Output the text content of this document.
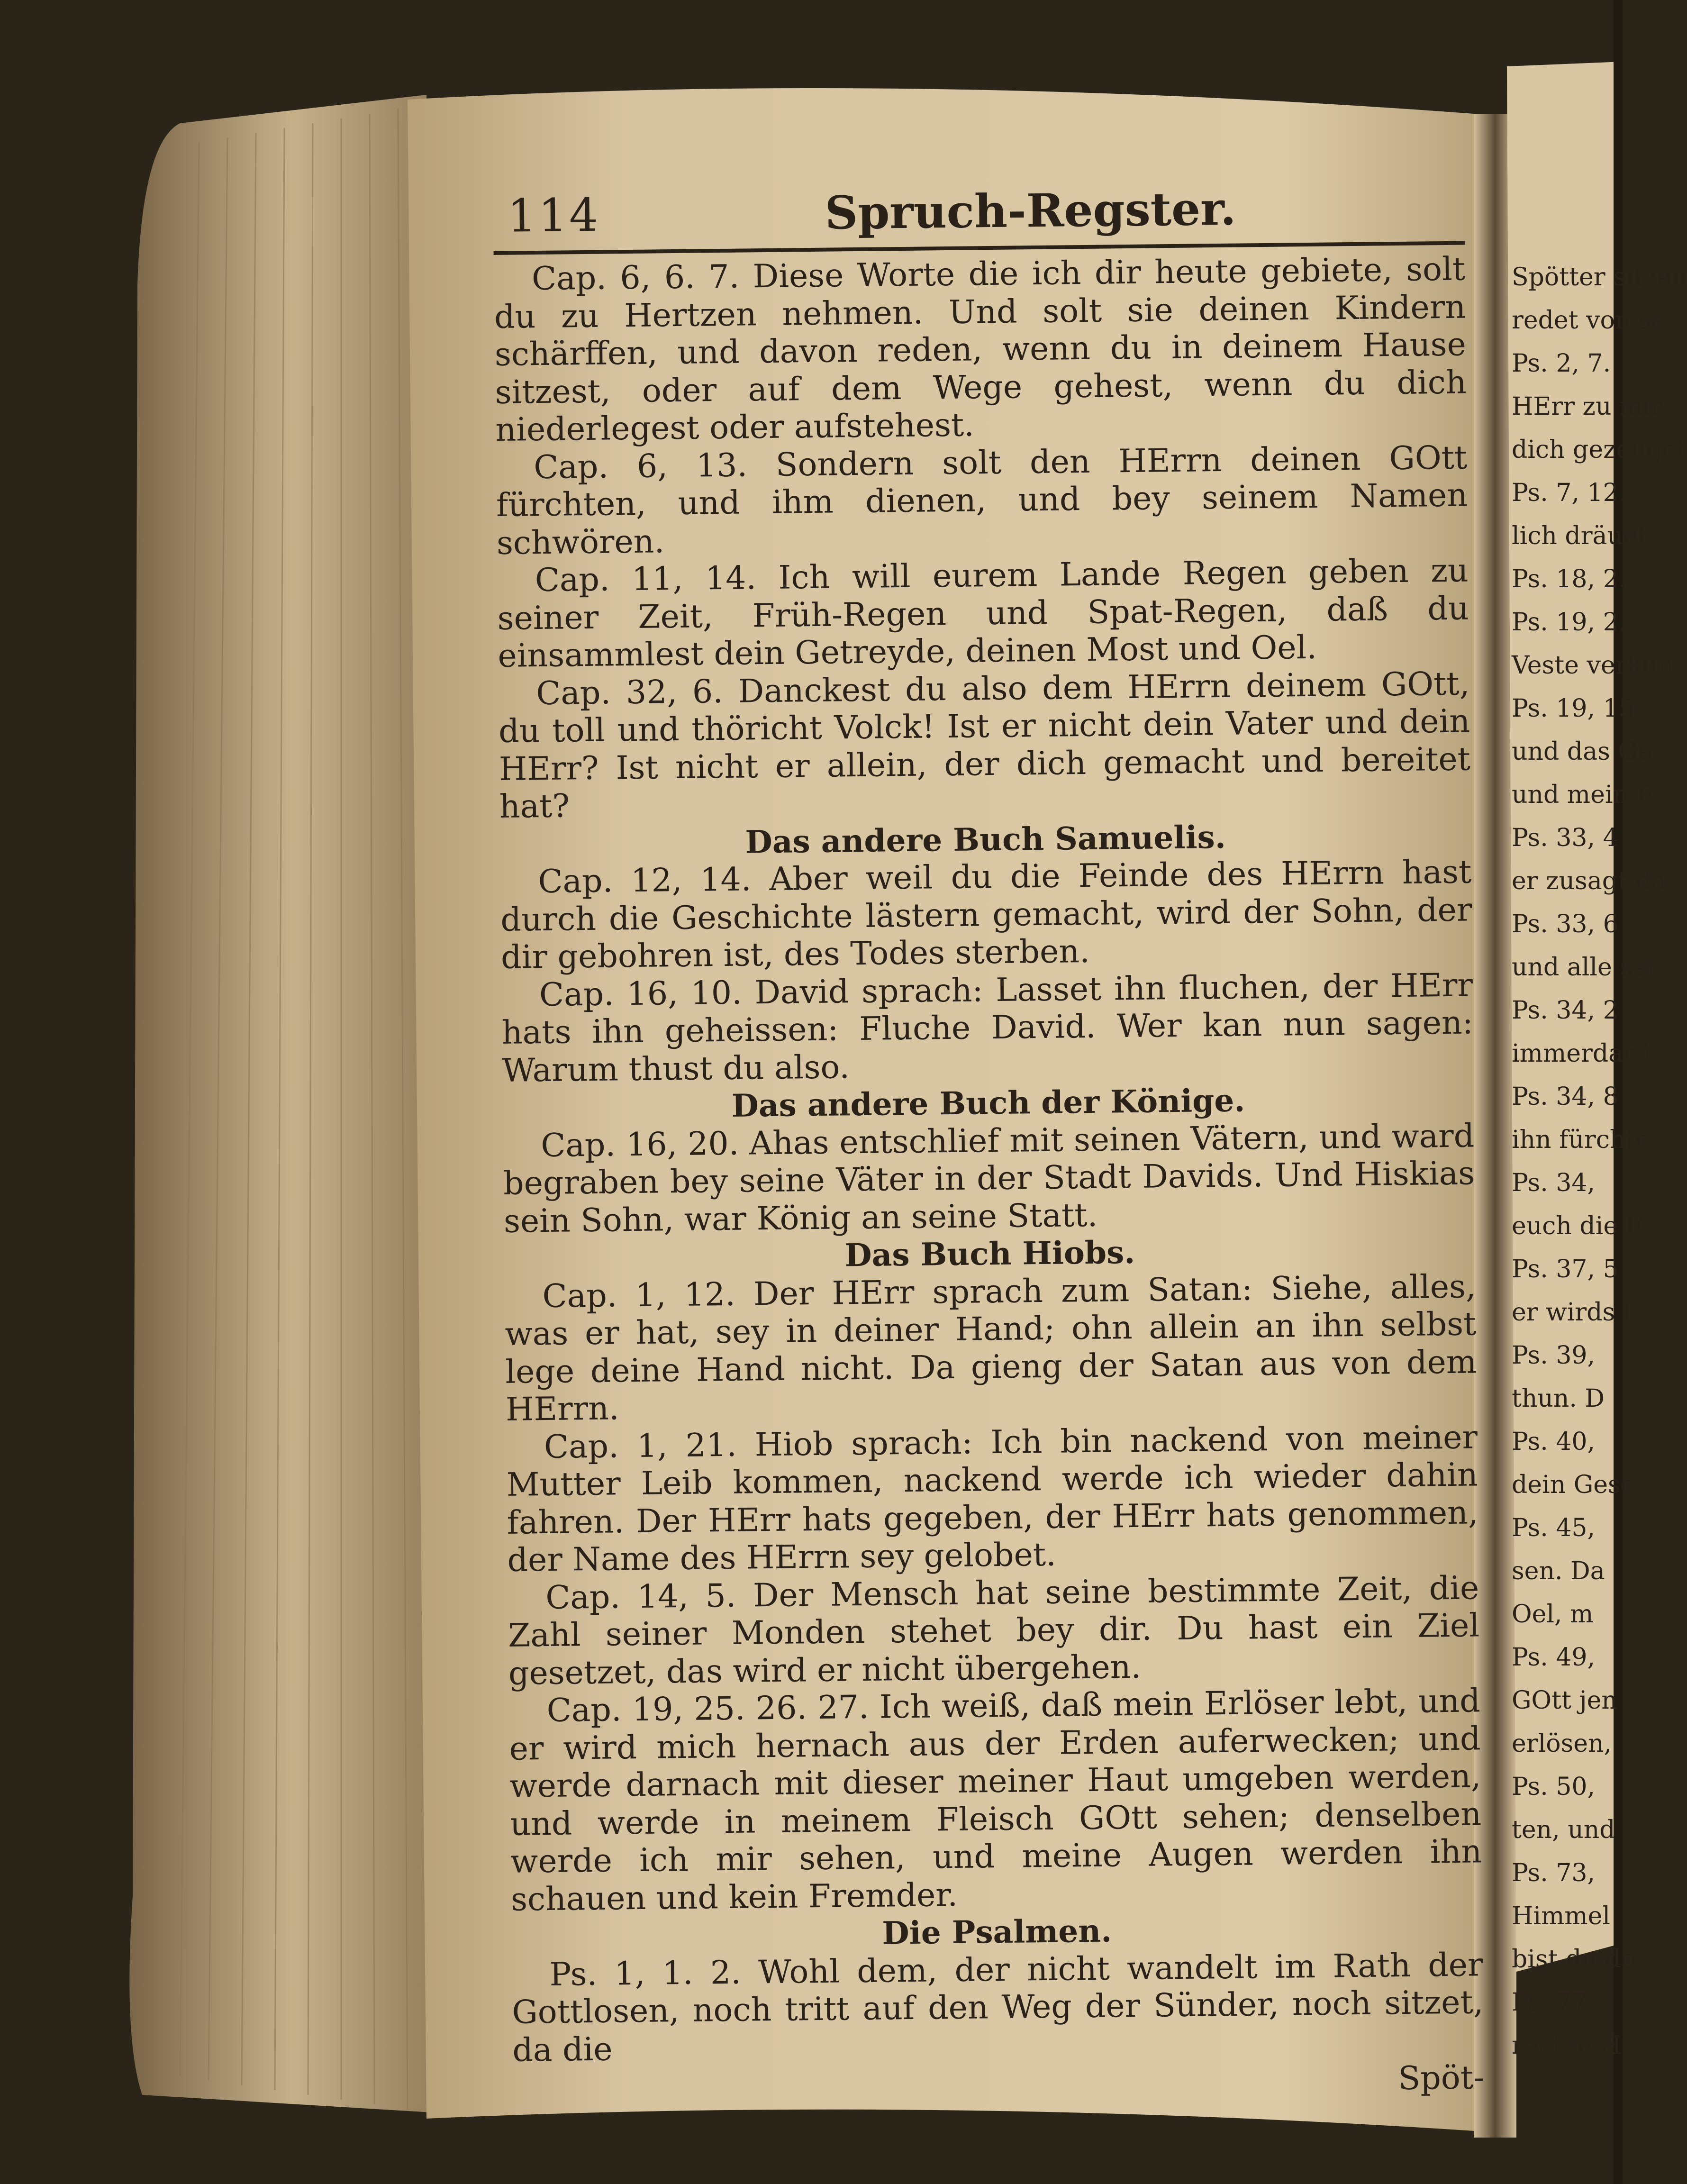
114	Spruch-Regster.

Cap. 6, 6. 7. Diese Worte die ich dir heute gebiete, solt du zu Hertzen nehmen. Und solt sie deinen Kindern schärffen, und davon reden, wenn du in deinem Hause sitzest, oder auf dem Wege gehest, wenn du dich niederlegest oder aufstehest.

Cap. 6, 13. Sondern solt den HErrn deinen GOtt fürchten, und ihm dienen, und bey seinem Namen schwören.

Cap. 11, 14. Ich will eurem Lande Regen geben zu seiner Zeit, Früh-Regen und Spat-Regen, daß du einsammlest dein Getreyde, deinen Most und Oel.

Cap. 32, 6. Danckest du also dem HErrn deinem GOtt, du toll und thöricht Volck! Ist er nicht dein Vater und dein HErr? Ist nicht er allein, der dich gemacht und bereitet hat?

Das andere Buch Samuelis.

Cap. 12, 14. Aber weil du die Feinde des HErrn hast durch die Geschichte lästern gemacht, wird der Sohn, der dir gebohren ist, des Todes sterben.

Cap. 16, 10. David sprach: Lasset ihn fluchen, der HErr hats ihn geheissen: Fluche David. Wer kan nun sagen: Warum thust du also.

Das andere Buch der Könige.

Cap. 16, 20. Ahas entschlief mit seinen Vätern, und ward begraben bey seine Väter in der Stadt Davids. Und Hiskias sein Sohn, war König an seine Statt.

Das Buch Hiobs.

Cap. 1, 12. Der HErr sprach zum Satan: Siehe, alles, was er hat, sey in deiner Hand; ohn allein an ihn selbst lege deine Hand nicht. Da gieng der Satan aus von dem HErrn.

Cap. 1, 21. Hiob sprach: Ich bin nackend von meiner Mutter Leib kommen, nackend werde ich wieder dahin fahren. Der HErr hats gegeben, der HErr hats genommen, der Name des HErrn sey gelobet.

Cap. 14, 5. Der Mensch hat seine bestimmte Zeit, die Zahl seiner Monden stehet bey dir. Du hast ein Ziel gesetzet, das wird er nicht übergehen.

Cap. 19, 25. 26. 27. Ich weiß, daß mein Erlöser lebt, und er wird mich hernach aus der Erden auferwecken; und werde darnach mit dieser meiner Haut umgeben werden, und werde in meinem Fleisch GOtt sehen; denselben werde ich mir sehen, und meine Augen werden ihn schauen und kein Fremder.

Die Psalmen.

Ps. 1, 1. 2. Wohl dem, der nicht wandelt im Rath der Gottlosen, noch tritt auf den Weg der Sünder, noch sitzet, da die

Spöt-

Spötter sitzen
redet von sei
Ps. 2, 7.
HErr zu mir
dich gezeuget
Ps. 7, 12.
lich dräuet.
Ps. 18, 2.
Ps. 19, 2.
Veste verkün
Ps. 19, 15
und das Ge
und mein E
Ps. 33, 4
er zusagt da
Ps. 33, 6
und alle sei
Ps. 34, 2
immerdar i
Ps. 34, 8
ihn fürchte
Ps. 34,
euch die F
Ps. 37, 5
er wirds f
Ps. 39,
thun. D
Ps. 40,
dein Gese
Ps. 45,
sen. Da
Oel, m
Ps. 49,
GOtt jen
erlösen,
Ps. 50,
ten, und
Ps. 73,
Himmel
bist du do
Ps. 77
rechte H
